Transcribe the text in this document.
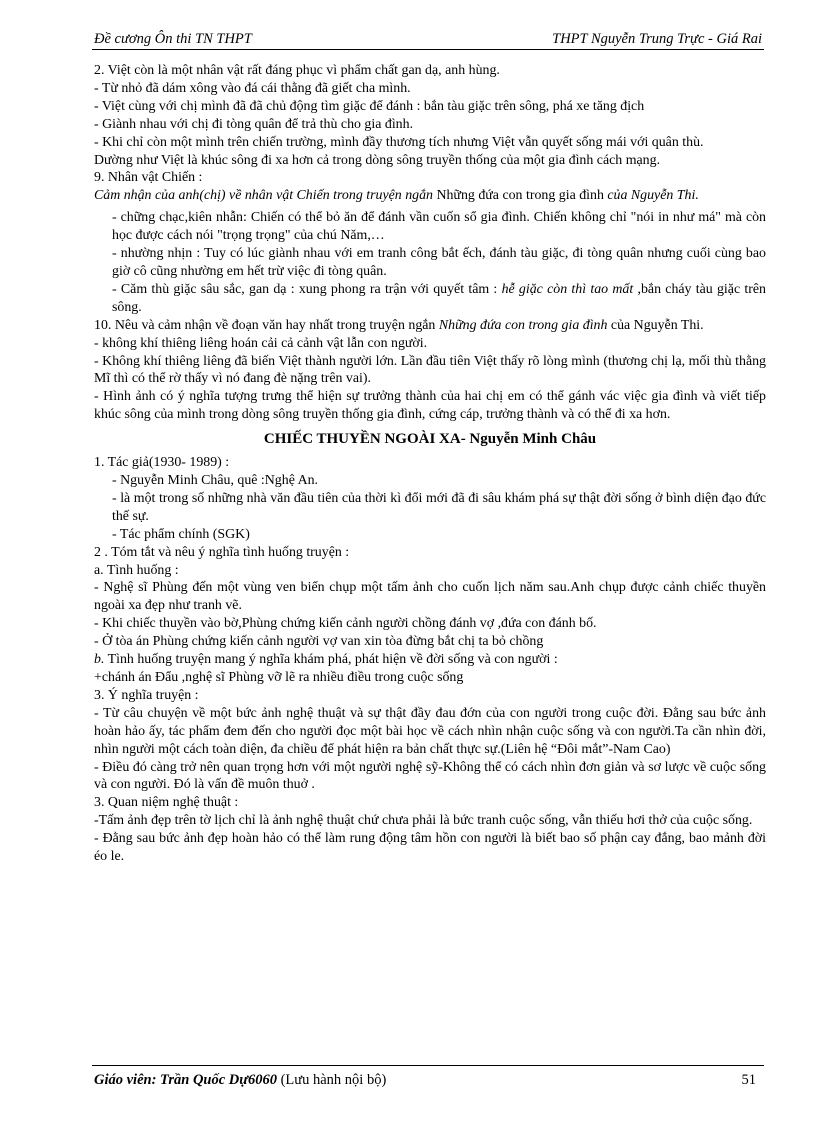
Đề cương Ôn thi TN THPT	THPT Nguyễn Trung Trực - Giá Rai

2. Việt còn là một nhân vật rất đáng phục vì phẩm chất gan dạ, anh hùng.

- Từ nhỏ đã dám xông vào đá cái thằng đã giết cha mình.

- Việt cùng với chị mình đã đã chủ động tìm giặc để đánh : bắn tàu giặc trên sông, phá xe tăng địch

- Giành nhau với chị đi tòng quân để trả thù cho gia đình.

- Khi chỉ còn một mình trên chiến trường, mình đầy thương tích nhưng Việt vẫn quyết sống mái với quân thù.

Dường như Việt là khúc sông đi xa hơn cả trong dòng sông truyền thống của một gia đình cách mạng.

9. Nhân vật Chiến :

Cảm nhận của anh(chị) về nhân vật Chiến trong truyện ngắn Những đứa con trong gia đình của Nguyễn Thi.

- chững chạc,kiên nhẫn: Chiến có thể bỏ ăn để đánh vần cuốn sổ gia đình. Chiến không chỉ "nói in như má" mà còn học được cách nói "trọng trọng" của chú Năm,…

- nhường nhịn : Tuy có lúc giành nhau với em tranh công bắt ếch, đánh tàu giặc, đi tòng quân nhưng cuối cùng bao giờ cô cũng nhường em hết trừ việc đi tòng quân.

- Căm thù giặc sâu sắc, gan dạ : xung phong ra trận với quyết tâm : hễ giặc còn thì tao mất ,bắn cháy tàu giặc trên sông.

10. Nêu và cảm nhận về đoạn văn hay nhất trong truyện ngắn Những đứa con trong gia đình của Nguyễn Thi.

- không khí thiêng liêng hoán cải cả cảnh vật lẫn con người.

- Không khí thiêng liêng đã biến Việt thành người lớn. Lần đầu tiên Việt thấy rõ lòng mình (thương chị lạ, mối thù thằng Mĩ thì có thể rờ thấy vì nó đang đè nặng trên vai).

- Hình ảnh có ý nghĩa tượng trưng thể hiện sự trưởng thành của hai chị em có thể gánh vác việc gia đình và viết tiếp khúc sông của mình trong dòng sông truyền thống gia đình, cứng cáp, trưởng thành và có thể đi xa hơn.

CHIẾC THUYỀN NGOÀI XA- Nguyễn Minh Châu

1. Tác giả(1930- 1989) :

- Nguyễn Minh Châu, quê :Nghệ An.

- là một trong số những nhà văn đầu tiên của thời kì đổi mới đã đi sâu khám phá sự thật đời sống ở bình diện đạo đức thế sự.

- Tác phẩm chính (SGK)

2 . Tóm tắt và nêu ý nghĩa tình huống truyện :

a. Tình huống :

- Nghệ sĩ Phùng đến một vùng ven biển chụp một tấm ảnh cho cuốn lịch năm sau.Anh chụp được cảnh chiếc thuyền ngoài xa đẹp như tranh vẽ.

- Khi chiếc thuyền vào bờ,Phùng chứng kiến cảnh người chồng đánh vợ ,đứa con đánh bố.

- Ở tòa án Phùng chứng kiến cảnh người vợ van xin tòa đừng bắt chị ta bỏ chồng

b. Tình huống truyện mang ý nghĩa khám phá, phát hiện về đời sống và con người :

+chánh án Đẩu ,nghệ sĩ Phùng vỡ lẽ ra nhiều điều trong cuộc sống

3. Ý nghĩa truyện :

- Từ câu chuyện về một bức ảnh nghệ thuật và sự thật đầy đau đớn của con người trong cuộc đời. Đằng sau bức ảnh hoàn hảo ấy, tác phẩm đem đến cho người đọc một bài học về cách nhìn nhận cuộc sống và con người.Ta cần nhìn đời, nhìn người một cách toàn diện, đa chiều để phát hiện ra bản chất thực sự.(Liên hệ “Đôi mắt”-Nam Cao)

- Điều đó càng trở nên quan trọng hơn với một người nghệ sỹ-Không thể có cách nhìn đơn giản và sơ lược về cuộc sống và con người. Đó là vấn đề muôn thuở .

3. Quan niệm nghệ thuật :

-Tấm ảnh đẹp trên tờ lịch chỉ là ảnh nghệ thuật chứ chưa phải là bức tranh cuộc sống, vẫn thiếu hơi thở của cuộc sống.

- Đằng sau bức ảnh đẹp hoàn hảo có thể làm rung động tâm hồn con người là biết bao số phận cay đắng, bao mảnh đời éo le.

Giáo viên: Trần Quốc Dự6060 (Lưu hành nội bộ)	51
